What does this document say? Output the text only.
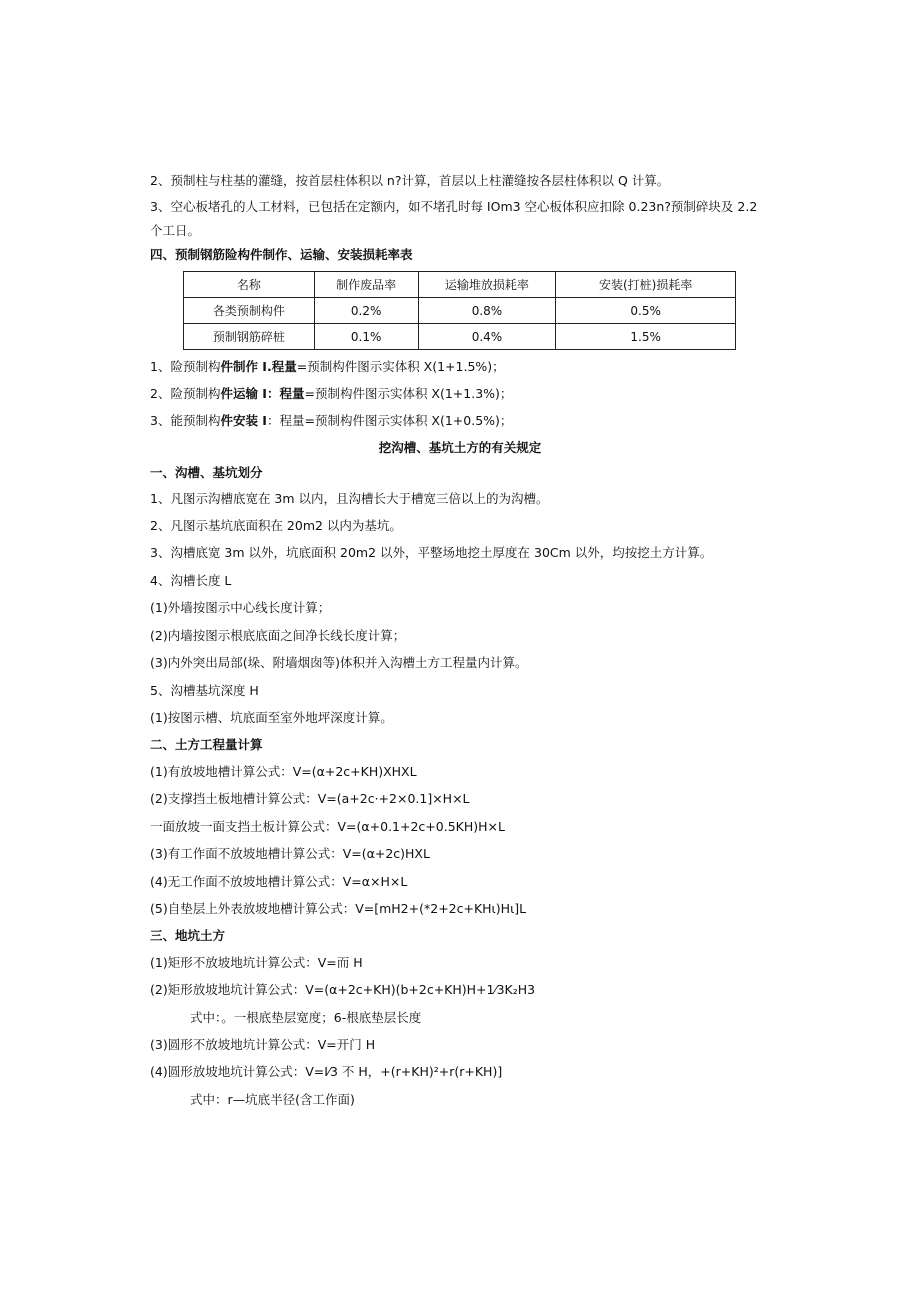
2、预制柱与柱基的灌缝，按首层柱体积以 n?计算，首层以上柱灌缝按各层柱体积以 Q 计算。
3、空心板堵孔的人工材料，已包括在定额内，如不堵孔时每 IOm3 空心板体积应扣除 0.23n?预制碎块及 2.2
个工日。
四、预制钢筋险构件制作、运输、安装损耗率表
名称	制作废品率	运输堆放损耗率	安装(打桩)损耗率
各类预制构件	0.2%	0.8%	0.5%
预制钢筋碎桩	0.1%	0.4%	1.5%
1、险预制构件制作 I.程量=预制构件图示实体积 X(1+1.5%)；
2、险预制构件运输 I：程量=预制构件图示实体积 X(1+1.3%)；
3、能预制构件安装 I：程量=预制构件图示实体积 X(1+0.5%)；
挖沟槽、基坑土方的有关规定
一、沟槽、基坑划分
1、凡图示沟槽底宽在 3m 以内，且沟槽长大于槽宽三倍以上的为沟槽。
2、凡图示基坑底面积在 20m2 以内为基坑。
3、沟槽底宽 3m 以外，坑底面积 20m2 以外，平整场地挖土厚度在 30Cm 以外，均按挖土方计算。
4、沟槽长度 L
(1)外墙按图示中心线长度计算；
(2)内墙按图示根底底面之间净长线长度计算；
(3)内外突出局部(垛、附墙烟囱等)体积并入沟槽土方工程量内计算。
5、沟槽基坑深度 H
(1)按图示槽、坑底面至室外地坪深度计算。
二、土方工程量计算
(1)有放坡地槽计算公式：V=(α+2c+KH)XHXL
(2)支撑挡土板地槽计算公式：V=(a+2c·+2×0.1]×H×L
一面放坡一面支挡土板计算公式：V=(α+0.1+2c+0.5KH)H×L
(3)有工作面不放坡地槽计算公式：V=(α+2c)HXL
(4)无工作面不放坡地槽计算公式：V=α×H×L
(5)自垫层上外表放坡地槽计算公式：V=[mH2+(*2+2c+KHι)Hι]L
三、地坑土方
(1)矩形不放坡地坑计算公式：V=而 H
(2)矩形放坡地坑计算公式：V=(α+2c+KH)(b+2c+KH)H+1⁄3K₂H3
式中：。一根底垫层宽度；6-根底垫层长度
(3)圆形不放坡地坑计算公式：V=开门 H
(4)圆形放坡地坑计算公式：V=I⁄3 不 H，+(r+KH)²+r(r+KH)]
式中：r—坑底半径(含工作面)
